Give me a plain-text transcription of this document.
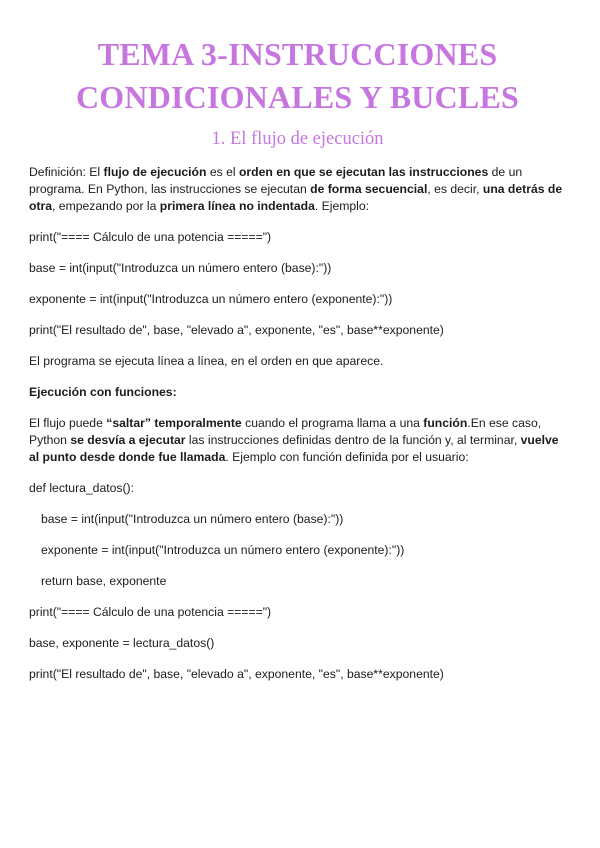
TEMA 3-INSTRUCCIONES
CONDICIONALES Y BUCLES
1. El flujo de ejecución

Definición: El flujo de ejecución es el orden en que se ejecutan las instrucciones de un programa. En Python, las instrucciones se ejecutan de forma secuencial, es decir, una detrás de otra, empezando por la primera línea no indentada. Ejemplo:

print("==== Cálculo de una potencia =====")
base = int(input("Introduzca un número entero (base):"))
exponente = int(input("Introduzca un número entero (exponente):"))
print("El resultado de", base, "elevado a", exponente, "es", base**exponente)

El programa se ejecuta línea a línea, en el orden en que aparece.

Ejecución con funciones:

El flujo puede “saltar” temporalmente cuando el programa llama a una función.En ese caso, Python se desvía a ejecutar las instrucciones definidas dentro de la función y, al terminar, vuelve al punto desde donde fue llamada. Ejemplo con función definida por el usuario:

def lectura_datos():
base = int(input("Introduzca un número entero (base):"))
exponente = int(input("Introduzca un número entero (exponente):"))
return base, exponente
print("==== Cálculo de una potencia =====")
base, exponente = lectura_datos()
print("El resultado de", base, "elevado a", exponente, "es", base**exponente)
